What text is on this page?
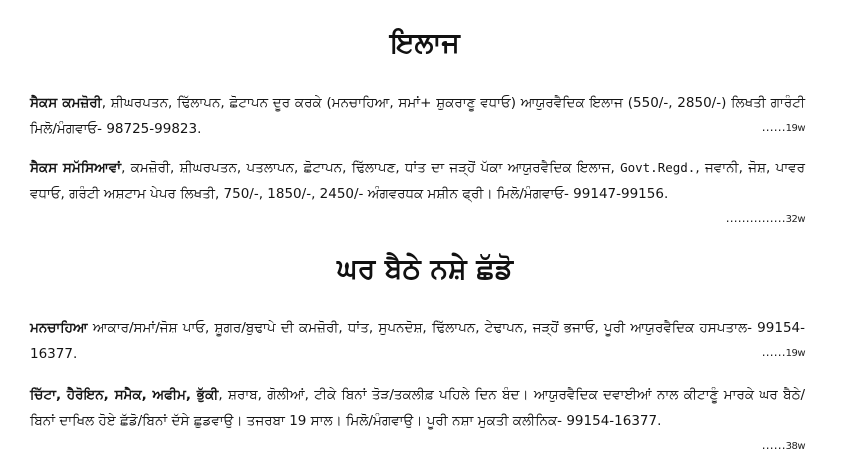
ਇਲਾਜ
ਸੈਕਸ ਕਮਜ਼ੋਰੀ, ਸ਼ੀਘਰਪਤਨ, ਢਿੱਲਾਪਨ, ਛੋਟਾਪਨ ਦੂਰ ਕਰਕੇ (ਮਨਚਾਹਿਆ, ਸਮਾਂ+ ਸ਼ੁਕਰਾਣੂ ਵਧਾਓ) ਆਯੁਰਵੈਦਿਕ ਇਲਾਜ (550/-, 2850/-) ਲਿਖਤੀ ਗਾਰੰਟੀ ਮਿਲੋ/ਮੰਗਵਾਓ- 98725-99823.	……19w
ਸੈਕਸ ਸਮੱਸਿਆਵਾਂ, ਕਮਜ਼ੋਰੀ, ਸ਼ੀਘਰਪਤਨ, ਪਤਲਾਪਨ, ਛੋਟਾਪਨ, ਢਿੱਲਾਪਣ, ਧਾਂਤ ਦਾ ਜੜ੍ਹੋਂ ਪੱਕਾ ਆਯੁਰਵੈਦਿਕ ਇਲਾਜ, Govt.Regd., ਜਵਾਨੀ, ਜੋਸ਼, ਪਾਵਰ ਵਧਾਓ, ਗਰੰਟੀ ਅਸ਼ਟਾਮ ਪੇਪਰ ਲਿਖਤੀ, 750/-, 1850/-, 2450/- ਅੰਗਵਰਧਕ ਮਸ਼ੀਨ ਫ੍ਰੀ। ਮਿਲੋ/ਮੰਗਵਾਓ- 99147-99156.
……………32w
ਘਰ ਬੈਠੇ ਨਸ਼ੇ ਛੱਡੋ
ਮਨਚਾਹਿਆ ਆਕਾਰ/ਸਮਾਂ/ਜੋਸ਼ ਪਾਓ, ਸ਼ੂਗਰ/ਬੁਢਾਪੇ ਦੀ ਕਮਜ਼ੋਰੀ, ਧਾਂਤ, ਸੁਪਨਦੋਸ਼, ਢਿੱਲਾਪਨ, ਟੇਢਾਪਨ, ਜੜ੍ਹੋਂ ਭਜਾਓ, ਪੂਰੀ ਆਯੁਰਵੈਦਿਕ ਹਸਪਤਾਲ- 99154-16377.	……19w
ਚਿੱਟਾ, ਹੈਰੋਇਨ, ਸਮੈਕ, ਅਫੀਮ, ਭੁੱਕੀ, ਸ਼ਰਾਬ, ਗੋਲੀਆਂ, ਟੀਕੇ ਬਿਨਾਂ ਤੋੜ/ਤਕਲੀਫ਼ ਪਹਿਲੇ ਦਿਨ ਬੰਦ। ਆਯੁਰਵੈਦਿਕ ਦਵਾਈਆਂ ਨਾਲ ਕੀਟਾਣੂੰ ਮਾਰਕੇ ਘਰ ਬੈਠੇ/ਬਿਨਾਂ ਦਾਖਿਲ ਹੋਏ ਛੱਡੋ/ਬਿਨਾਂ ਦੱਸੇ ਛੁਡਵਾਉ। ਤਜਰਬਾ 19 ਸਾਲ। ਮਿਲੋ/ਮੰਗਵਾਉ। ਪੂਰੀ ਨਸ਼ਾ ਮੁਕਤੀ ਕਲੀਨਿਕ- 99154-16377.
……38w
